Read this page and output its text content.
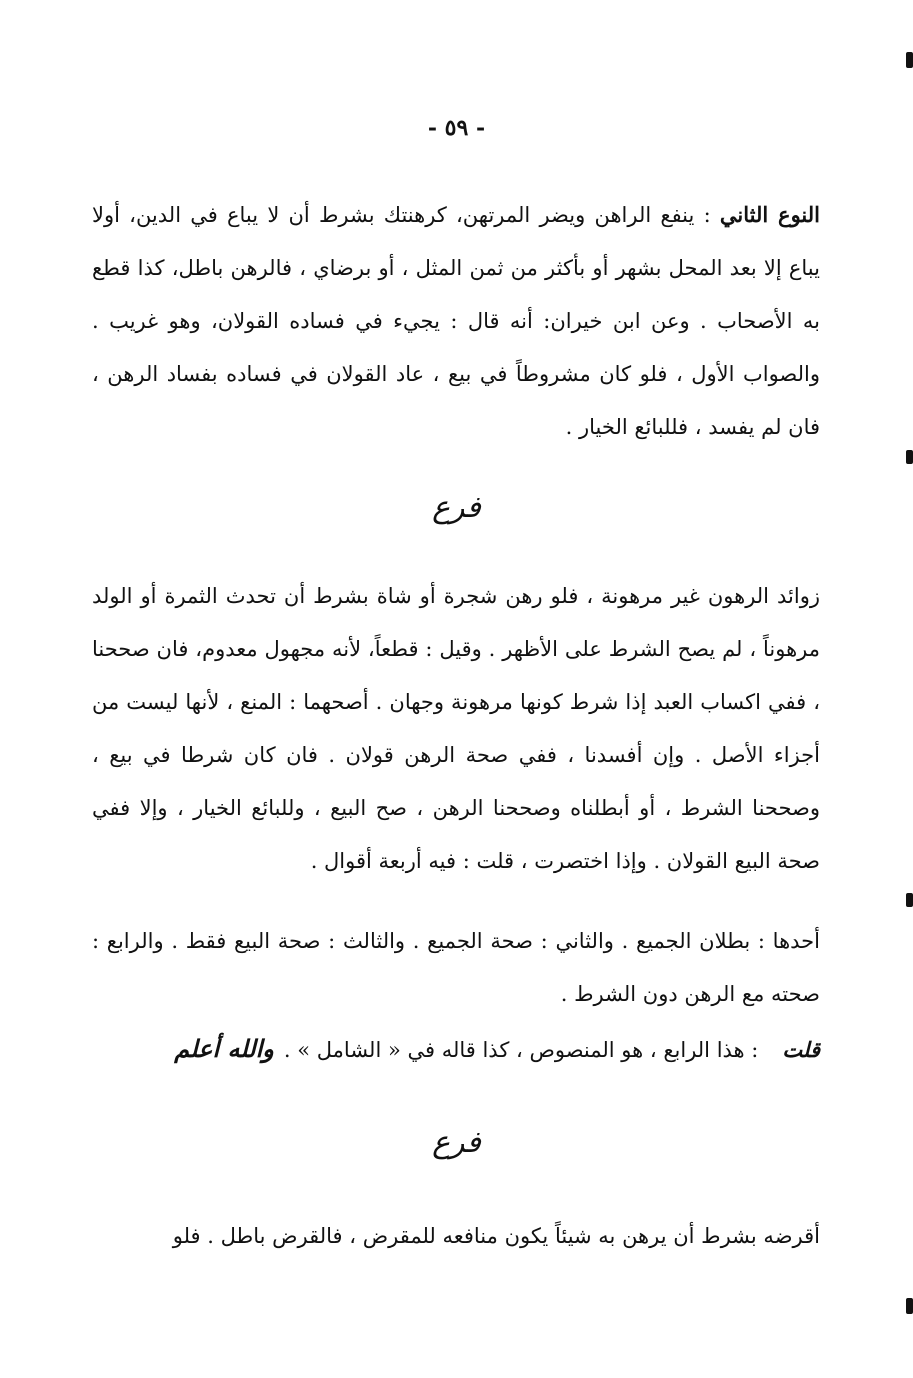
- ٥٩ -

النوع الثاني : ينفع الراهن ويضر المرتهن، كرهنتك بشرط أن لا يباع في الدين، أولا يباع إلا بعد المحل بشهر أو بأكثر من ثمن المثل ، أو برضاي ، فالرهن باطل، كذا قطع به الأصحاب . وعن ابن خيران: أنه قال : يجيء في فساده القولان، وهو غريب . والصواب الأول ، فلو كان مشروطاً في بيع ، عاد القولان في فساده بفساد الرهن ، فان لم يفسد ، فللبائع الخيار .

فرع

زوائد الرهون غير مرهونة ، فلو رهن شجرة أو شاة بشرط أن تحدث الثمرة أو الولد مرهوناً ، لم يصح الشرط على الأظهر . وقيل : قطعاً، لأنه مجهول معدوم، فان صححنا ، ففي اكساب العبد إذا شرط كونها مرهونة وجهان . أصحهما : المنع ، لأنها ليست من أجزاء الأصل . وإن أفسدنا ، ففي صحة الرهن قولان . فان كان شرطا في بيع ، وصححنا الشرط ، أو أبطلناه وصححنا الرهن ، صح البيع ، وللبائع الخيار ، وإلا ففي صحة البيع القولان . وإذا اختصرت ، قلت : فيه أربعة أقوال .

أحدها : بطلان الجميع . والثاني : صحة الجميع . والثالث : صحة البيع فقط . والرابع : صحته مع الرهن دون الشرط .

قلت: هذا الرابع ، هو المنصوص ، كذا قاله في « الشامل » .والله أعلم

فرع

أقرضه بشرط أن يرهن به شيئاً يكون منافعه للمقرض ، فالقرض باطل . فلو
